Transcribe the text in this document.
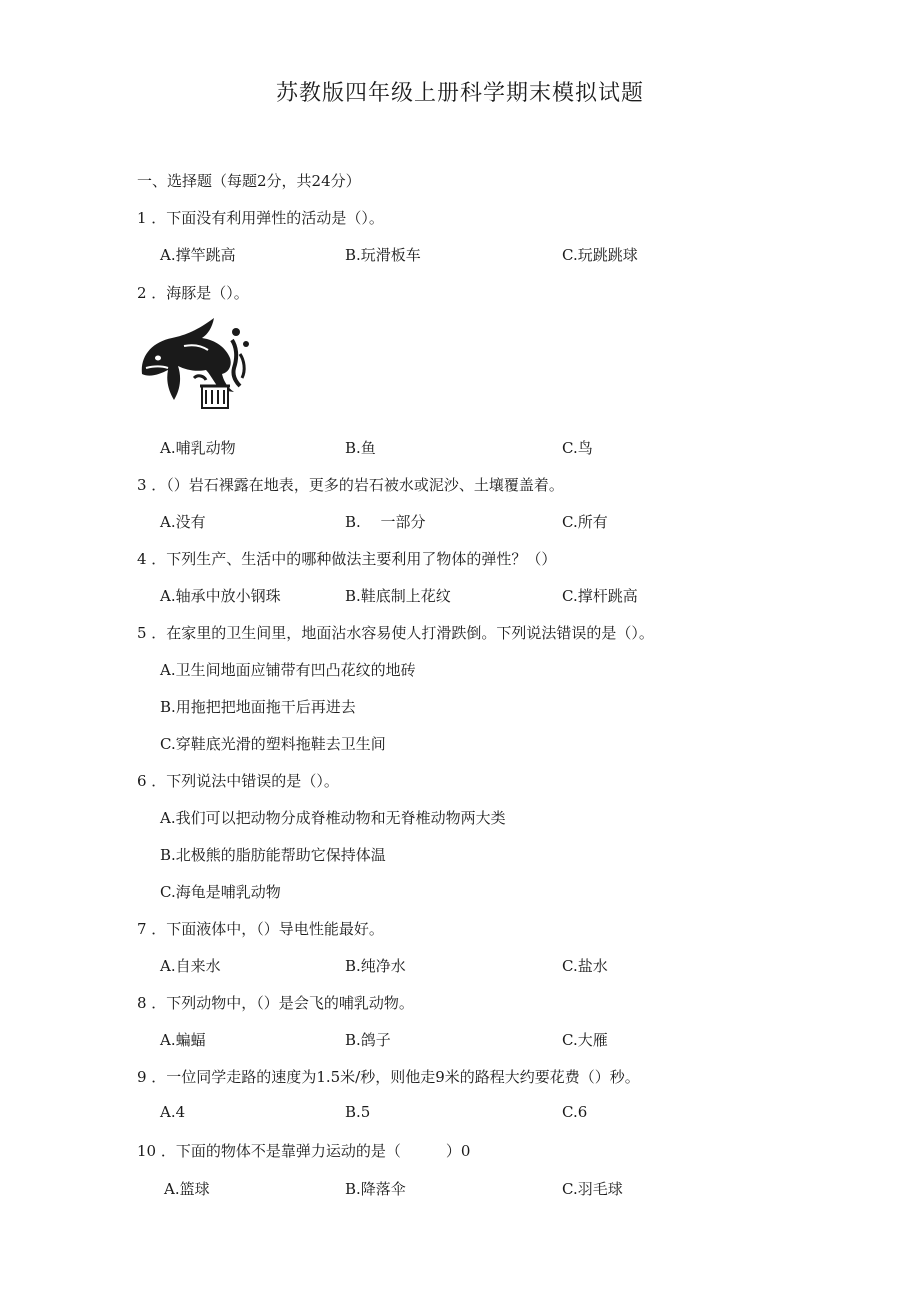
苏教版四年级上册科学期末模拟试题
一、选择题（每题2分，共24分）
1 ．下面没有利用弹性的活动是（）。
A.撑竿跳高	B.玩滑板车	C.玩跳跳球
2 ．海豚是（）。
A.哺乳动物	B.鱼	C.鸟
3 ．（）岩石裸露在地表，更多的岩石被水或泥沙、土壤覆盖着。
A.没有	B.　 一部分	C.所有
4 ．下列生产、生活中的哪种做法主要利用了物体的弹性？（）
A.轴承中放小钢珠	B.鞋底制上花纹	C.撑杆跳高
5 ．在家里的卫生间里，地面沾水容易使人打滑跌倒。下列说法错误的是（）。
A.卫生间地面应铺带有凹凸花纹的地砖
B.用拖把把地面拖干后再进去
C.穿鞋底光滑的塑料拖鞋去卫生间
6 ．下列说法中错误的是（）。
A.我们可以把动物分成脊椎动物和无脊椎动物两大类
B.北极熊的脂肪能帮助它保持体温
C.海龟是哺乳动物
7 ．下面液体中，（）导电性能最好。
A.自来水	B.纯净水	C.盐水
8 ．下列动物中，（）是会飞的哺乳动物。
A.蝙蝠	B.鸽子	C.大雁
9 ．一位同学走路的速度为1.5米/秒，则他走9米的路程大约要花费（）秒。
A.4	B.5	C.6
10 ．下面的物体不是靠弹力运动的是（　　　）0
A.篮球	B.降落伞	C.羽毛球
